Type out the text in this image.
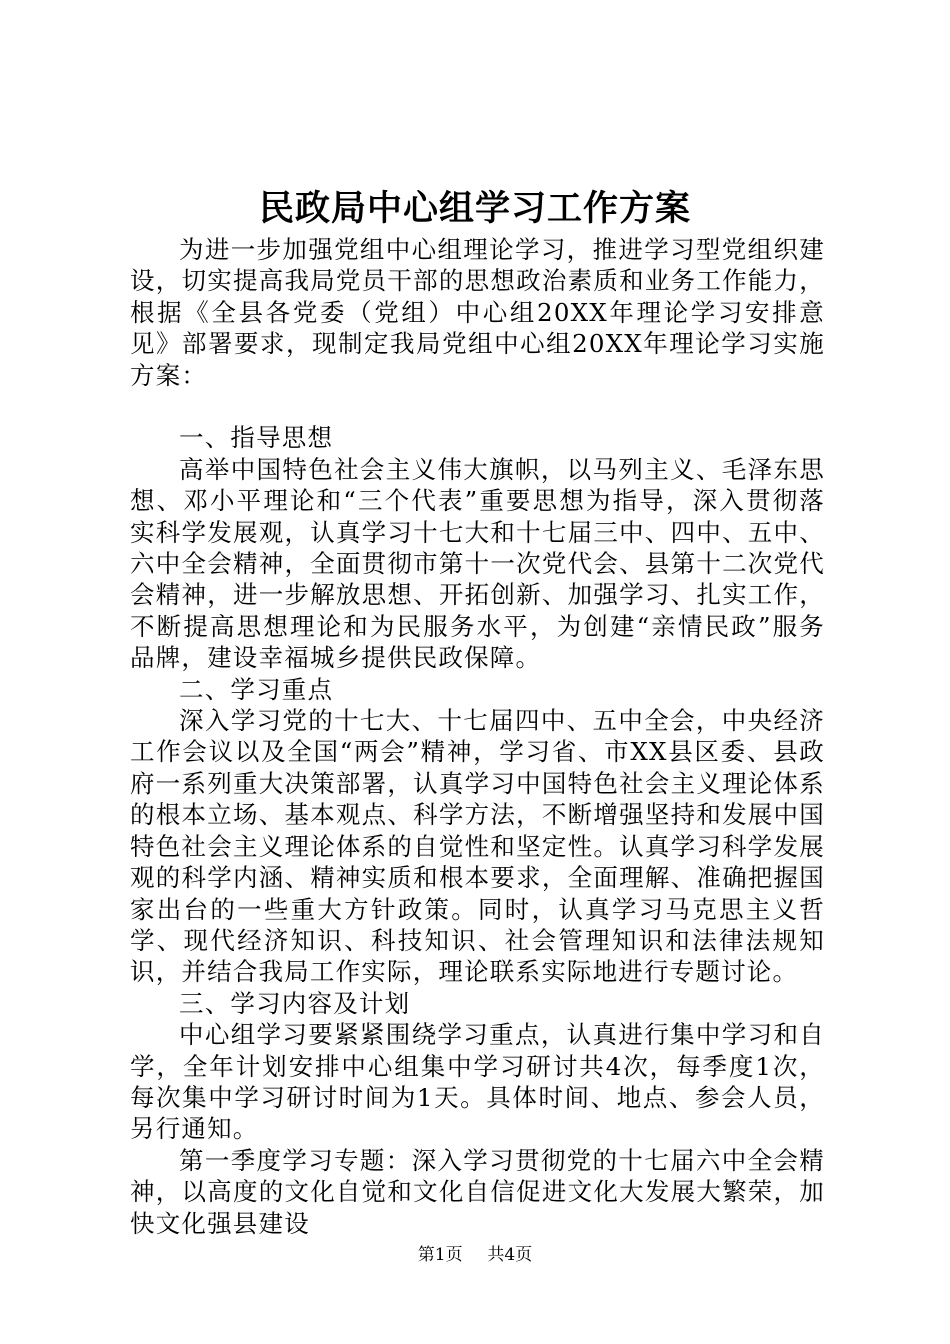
民政局中心组学习工作方案

为进一步加强党组中心组理论学习，推进学习型党组织建设，切实提高我局党员干部的思想政治素质和业务工作能力，根据《全县各党委（党组）中心组20XX年理论学习安排意见》部署要求，现制定我局党组中心组20XX年理论学习实施方案：

一、指导思想

高举中国特色社会主义伟大旗帜，以马列主义、毛泽东思想、邓小平理论和“三个代表”重要思想为指导，深入贯彻落实科学发展观，认真学习十七大和十七届三中、四中、五中、六中全会精神，全面贯彻市第十一次党代会、县第十二次党代会精神，进一步解放思想、开拓创新、加强学习、扎实工作，不断提高思想理论和为民服务水平，为创建“亲情民政”服务品牌，建设幸福城乡提供民政保障。

二、学习重点

深入学习党的十七大、十七届四中、五中全会，中央经济工作会议以及全国“两会”精神，学习省、市XX县区委、县政府一系列重大决策部署，认真学习中国特色社会主义理论体系的根本立场、基本观点、科学方法，不断增强坚持和发展中国特色社会主义理论体系的自觉性和坚定性。认真学习科学发展观的科学内涵、精神实质和根本要求，全面理解、准确把握国家出台的一些重大方针政策。同时，认真学习马克思主义哲学、现代经济知识、科技知识、社会管理知识和法律法规知识，并结合我局工作实际，理论联系实际地进行专题讨论。

三、学习内容及计划

中心组学习要紧紧围绕学习重点，认真进行集中学习和自学，全年计划安排中心组集中学习研讨共4次，每季度1次，每次集中学习研讨时间为1天。具体时间、地点、参会人员，另行通知。

第一季度学习专题：深入学习贯彻党的十七届六中全会精神，以高度的文化自觉和文化自信促进文化大发展大繁荣，加快文化强县建设

第1页 共4页
